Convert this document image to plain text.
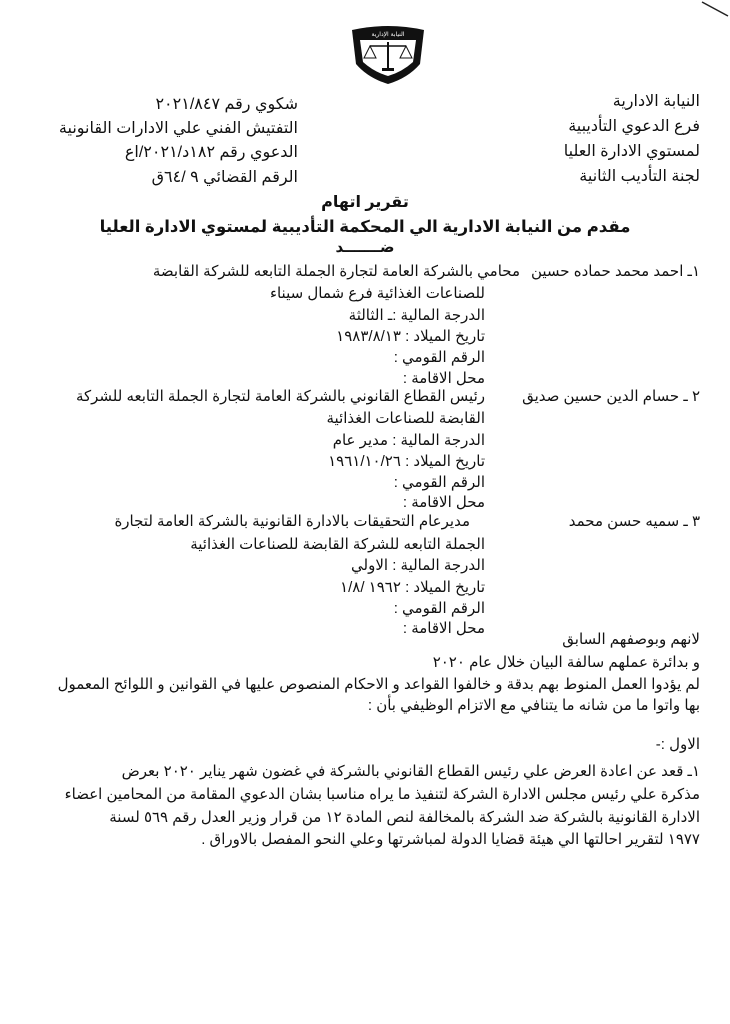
النيابة الإدارية
النيابة الادارية
فرع الدعوي التأديبية
لمستوي الادارة العليا
لجنة التأديب الثانية
شكوي رقم ٢٠٢١/٨٤٧
التفتيش الفني علي الادارات القانونية
الدعوي رقم ١٨٢د/٢٠٢١/اع
الرقم القضائي ٩ /٦٤ق
تقرير اتهام
مقدم من النيابة الادارية الي المحكمة التأديبية لمستوي الادارة العليا
ضـــــــد
١ـ احمد محمد حماده حسين
محامي بالشركة العامة لتجارة الجملة التابعه للشركة القابضة
للصناعات الغذائية فرع شمال سيناء
الدرجة المالية :ـ الثالثة
تاريخ الميلاد : ١٩٨٣/٨/١٣
الرقم القومي :
محل الاقامة :
٢ ـ حسام الدين حسين صديق
رئيس القطاع القانوني بالشركة العامة لتجارة الجملة التابعه للشركة
القابضة للصناعات الغذائية
الدرجة المالية : مدير عام
تاريخ الميلاد : ١٩٦١/١٠/٢٦
الرقم القومي :
محل الاقامة :
٣ ـ سميه حسن محمد
مديرعام التحقيقات بالادارة القانونية بالشركة العامة لتجارة
الجملة التابعه للشركة القابضة للصناعات الغذائية
الدرجة المالية : الاولي
تاريخ الميلاد : ١٩٦٢ /١/٨
الرقم القومي :
محل الاقامة :
لانهم وبوصفهم السابق
و بدائرة عملهم سالفة البيان خلال عام ٢٠٢٠
لم يؤدوا العمل المنوط بهم بدقة و خالفوا القواعد و الاحكام المنصوص عليها في القوانين و اللوائح المعمول
بها واتوا ما من شانه ما يتنافي مع الاتزام الوظيفي بأن :
الاول :-
١ـ قعد عن اعادة العرض علي رئيس القطاع القانوني بالشركة في غضون شهر يناير ٢٠٢٠ بعرض
مذكرة علي رئيس مجلس الادارة الشركة لتنفيذ ما يراه مناسبا بشان الدعوي المقامة من المحامين اعضاء
الادارة القانونية بالشركة ضد الشركة بالمخالفة لنص المادة ١٢ من قرار وزير العدل رقم ٥٦٩ لسنة
١٩٧٧ لتقرير احالتها الي هيئة قضايا الدولة لمباشرتها وعلي النحو المفصل بالاوراق .
